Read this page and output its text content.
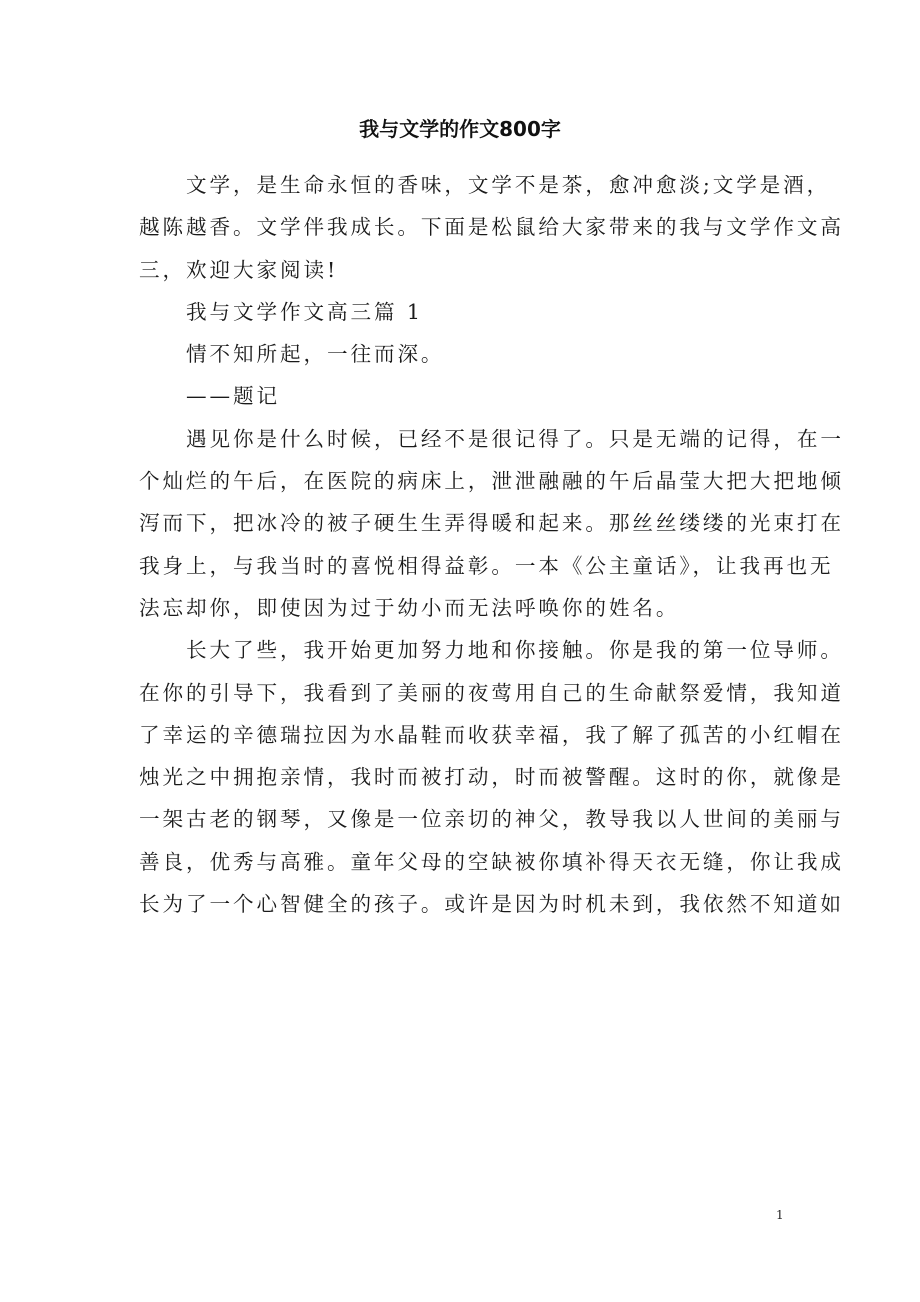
我与文学的作文800字
文学，是生命永恒的香味，文学不是茶，愈冲愈淡;文学是酒，
越陈越香。文学伴我成长。下面是松鼠给大家带来的我与文学作文高
三，欢迎大家阅读!
我与文学作文高三篇 1
情不知所起，一往而深。
——题记
遇见你是什么时候，已经不是很记得了。只是无端的记得，在一
个灿烂的午后，在医院的病床上，泄泄融融的午后晶莹大把大把地倾
泻而下，把冰冷的被子硬生生弄得暖和起来。那丝丝缕缕的光束打在
我身上，与我当时的喜悦相得益彰。一本《公主童话》，让我再也无
法忘却你，即使因为过于幼小而无法呼唤你的姓名。
长大了些，我开始更加努力地和你接触。你是我的第一位导师。
在你的引导下，我看到了美丽的夜莺用自己的生命献祭爱情，我知道
了幸运的辛德瑞拉因为水晶鞋而收获幸福，我了解了孤苦的小红帽在
烛光之中拥抱亲情，我时而被打动，时而被警醒。这时的你，就像是
一架古老的钢琴，又像是一位亲切的神父，教导我以人世间的美丽与
善良，优秀与高雅。童年父母的空缺被你填补得天衣无缝，你让我成
长为了一个心智健全的孩子。或许是因为时机未到，我依然不知道如
1
